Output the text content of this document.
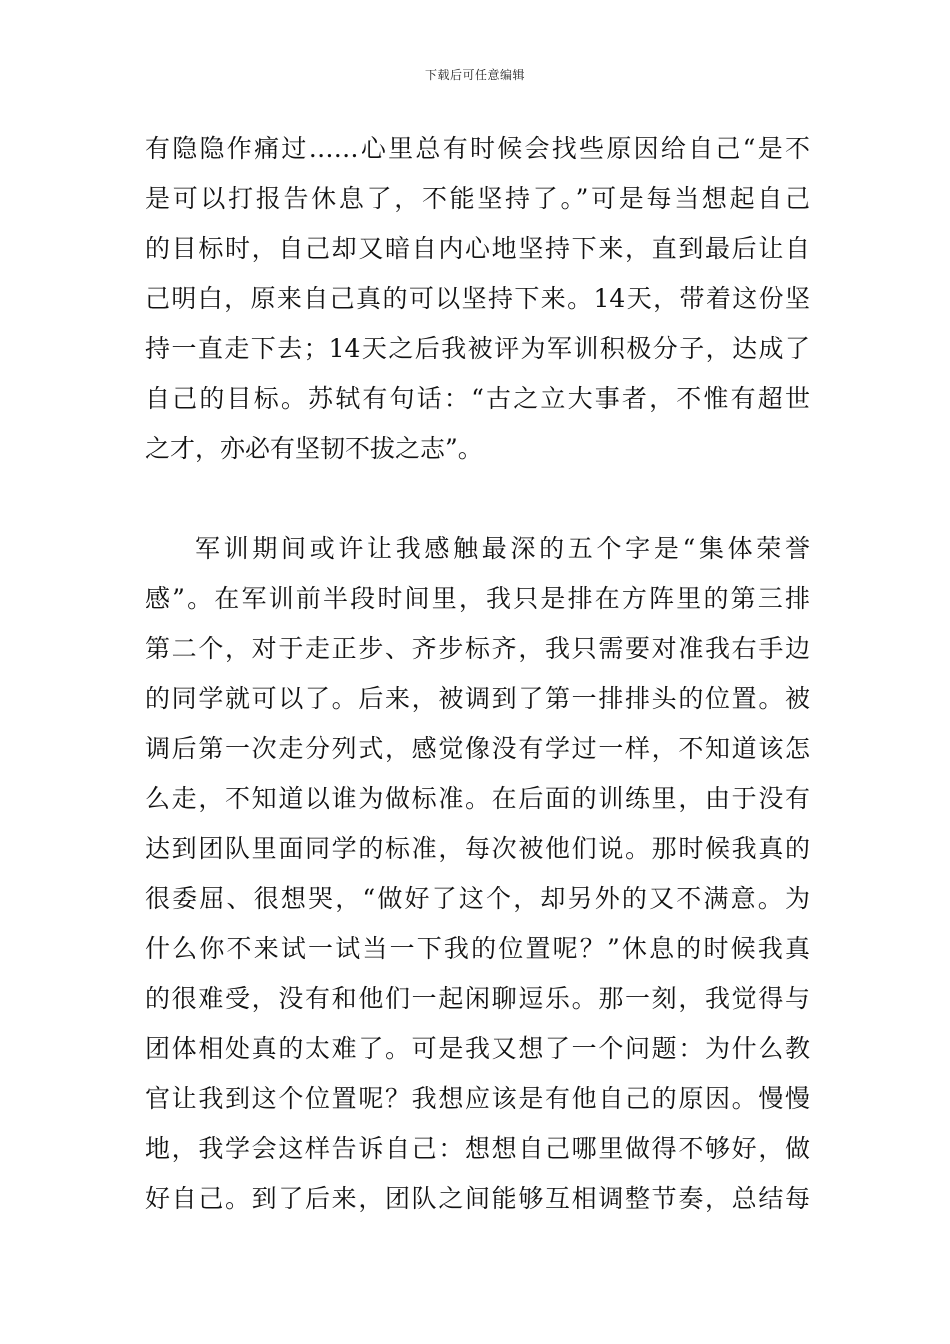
下载后可任意编辑
有隐隐作痛过……心里总有时候会找些原因给自己“是不
是可以打报告休息了，不能坚持了。”可是每当想起自己
的目标时，自己却又暗自内心地坚持下来，直到最后让自
己明白，原来自己真的可以坚持下来。14天，带着这份坚
持一直走下去；14天之后我被评为军训积极分子，达成了
自己的目标。苏轼有句话：“古之立大事者，不惟有超世
之才，亦必有坚韧不拔之志”。
军训期间或许让我感触最深的五个字是“集体荣誉
感”。在军训前半段时间里，我只是排在方阵里的第三排
第二个，对于走正步、齐步标齐，我只需要对准我右手边
的同学就可以了。后来，被调到了第一排排头的位置。被
调后第一次走分列式，感觉像没有学过一样，不知道该怎
么走，不知道以谁为做标准。在后面的训练里，由于没有
达到团队里面同学的标准，每次被他们说。那时候我真的
很委屈、很想哭，“做好了这个，却另外的又不满意。为
什么你不来试一试当一下我的位置呢？”休息的时候我真
的很难受，没有和他们一起闲聊逗乐。那一刻，我觉得与
团体相处真的太难了。可是我又想了一个问题：为什么教
官让我到这个位置呢？我想应该是有他自己的原因。慢慢
地，我学会这样告诉自己：想想自己哪里做得不够好，做
好自己。到了后来，团队之间能够互相调整节奏，总结每
